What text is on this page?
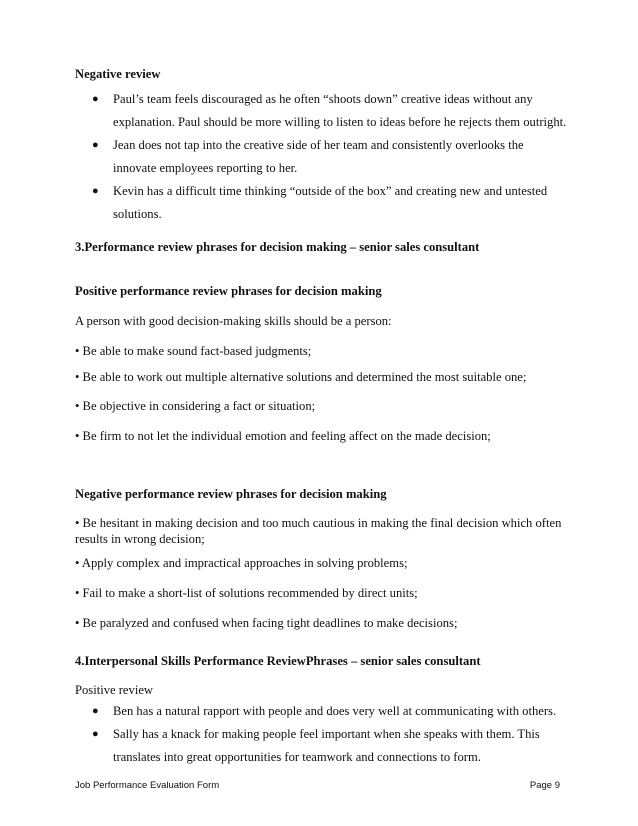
Negative review
● Paul’s team feels discouraged as he often “shoots down” creative ideas without any
explanation. Paul should be more willing to listen to ideas before he rejects them outright.
● Jean does not tap into the creative side of her team and consistently overlooks the
innovate employees reporting to her.
● Kevin has a difficult time thinking “outside of the box” and creating new and untested
solutions.
3.Performance review phrases for decision making – senior sales consultant
Positive performance review phrases for decision making
A person with good decision-making skills should be a person:
• Be able to make sound fact-based judgments;
• Be able to work out multiple alternative solutions and determined the most suitable one;
• Be objective in considering a fact or situation;
• Be firm to not let the individual emotion and feeling affect on the made decision;
Negative performance review phrases for decision making
• Be hesitant in making decision and too much cautious in making the final decision which often
results in wrong decision;
• Apply complex and impractical approaches in solving problems;
• Fail to make a short-list of solutions recommended by direct units;
• Be paralyzed and confused when facing tight deadlines to make decisions;
4.Interpersonal Skills Performance ReviewPhrases – senior sales consultant
Positive review
● Ben has a natural rapport with people and does very well at communicating with others.
● Sally has a knack for making people feel important when she speaks with them. This
translates into great opportunities for teamwork and connections to form.
Job Performance Evaluation Form	Page 9
